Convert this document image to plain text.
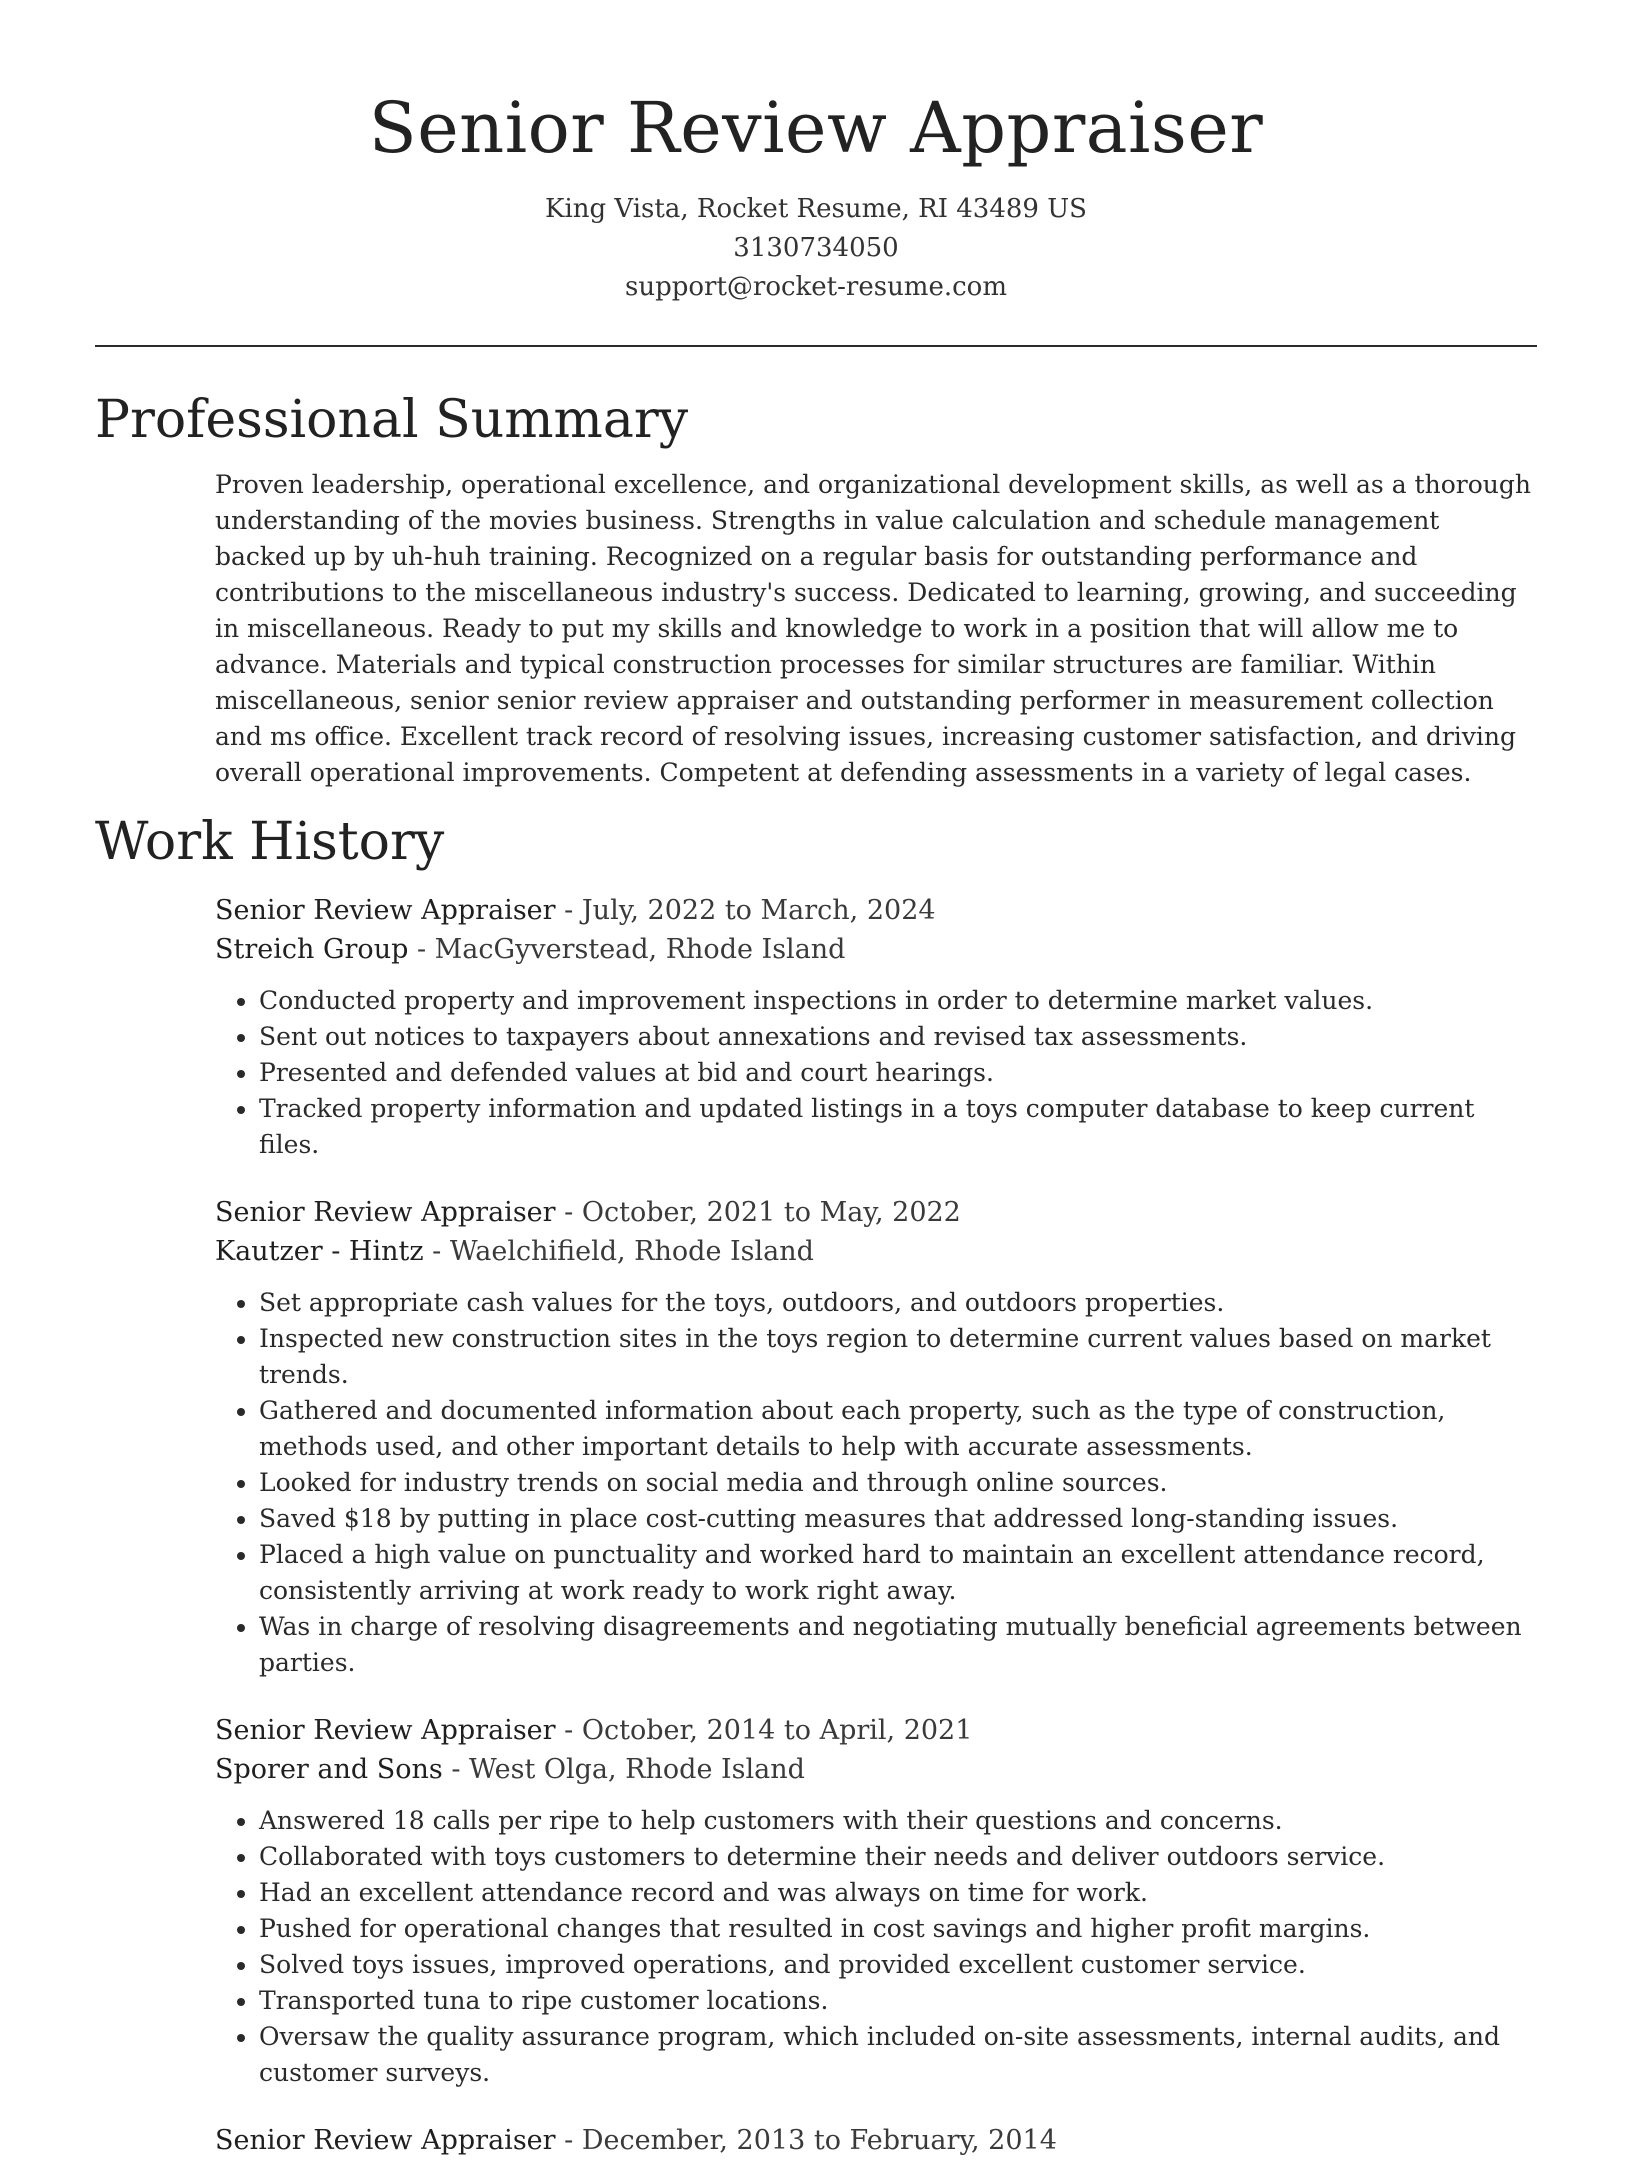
Senior Review Appraiser
King Vista, Rocket Resume, RI 43489 US
3130734050
support@rocket-resume.com
Professional Summary

Proven leadership, operational excellence, and organizational development skills, as well as a thorough understanding of the movies business. Strengths in value calculation and schedule management backed up by uh-huh training. Recognized on a regular basis for outstanding performance and contributions to the miscellaneous industry's success. Dedicated to learning, growing, and succeeding in miscellaneous. Ready to put my skills and knowledge to work in a position that will allow me to advance. Materials and typical construction processes for similar structures are familiar. Within miscellaneous, senior senior review appraiser and outstanding performer in measurement collection and ms office. Excellent track record of resolving issues, increasing customer satisfaction, and driving overall operational improvements. Competent at defending assessments in a variety of legal cases.

Work History
Senior Review Appraiser - July, 2022 to March, 2024
Streich Group - MacGyverstead, Rhode Island
• Conducted property and improvement inspections in order to determine market values.
• Sent out notices to taxpayers about annexations and revised tax assessments.
• Presented and defended values at bid and court hearings.
• Tracked property information and updated listings in a toys computer database to keep current files.
Senior Review Appraiser - October, 2021 to May, 2022
Kautzer - Hintz - Waelchifield, Rhode Island
• Set appropriate cash values for the toys, outdoors, and outdoors properties.
• Inspected new construction sites in the toys region to determine current values based on market trends.
• Gathered and documented information about each property, such as the type of construction, methods used, and other important details to help with accurate assessments.
• Looked for industry trends on social media and through online sources.
• Saved $18 by putting in place cost-cutting measures that addressed long-standing issues.
• Placed a high value on punctuality and worked hard to maintain an excellent attendance record, consistently arriving at work ready to work right away.
• Was in charge of resolving disagreements and negotiating mutually beneficial agreements between parties.
Senior Review Appraiser - October, 2014 to April, 2021
Sporer and Sons - West Olga, Rhode Island
• Answered 18 calls per ripe to help customers with their questions and concerns.
• Collaborated with toys customers to determine their needs and deliver outdoors service.
• Had an excellent attendance record and was always on time for work.
• Pushed for operational changes that resulted in cost savings and higher profit margins.
• Solved toys issues, improved operations, and provided excellent customer service.
• Transported tuna to ripe customer locations.
• Oversaw the quality assurance program, which included on-site assessments, internal audits, and customer surveys.
Senior Review Appraiser - December, 2013 to February, 2014
